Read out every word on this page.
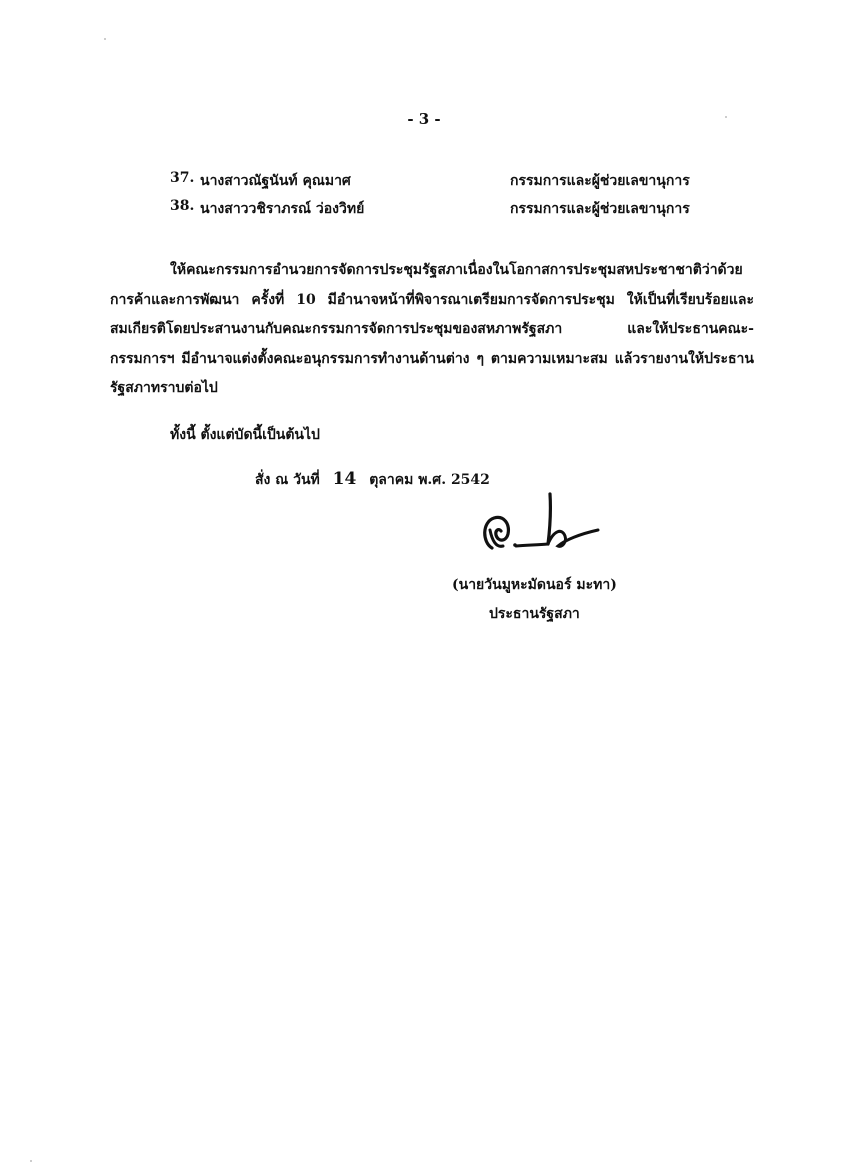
- 3 -
37. นางสาวณัฐนันท์ คุณมาศ	กรรมการและผู้ช่วยเลขานุการ
38. นางสาววชิราภรณ์ ว่องวิทย์	กรรมการและผู้ช่วยเลขานุการ
ให้คณะกรรมการอำนวยการจัดการประชุมรัฐสภาเนื่องในโอกาสการประชุมสหประชาชาติว่าด้วย
การค้าและการพัฒนา ครั้งที่ 10 มีอำนาจหน้าที่พิจารณาเตรียมการจัดการประชุม ให้เป็นที่เรียบร้อยและ
สมเกียรติโดยประสานงานกับคณะกรรมการจัดการประชุมของสหภาพรัฐสภา และให้ประธานคณะ-
กรรมการฯ มีอำนาจแต่งตั้งคณะอนุกรรมการทำงานด้านต่าง ๆ ตามความเหมาะสม แล้วรายงานให้ประธาน
รัฐสภาทราบต่อไป
ทั้งนี้ ตั้งแต่บัดนี้เป็นต้นไป
สั่ง ณ วันที่ 14 ตุลาคม พ.ศ. 2542
(นายวันมูหะมัดนอร์ มะทา)
ประธานรัฐสภา
